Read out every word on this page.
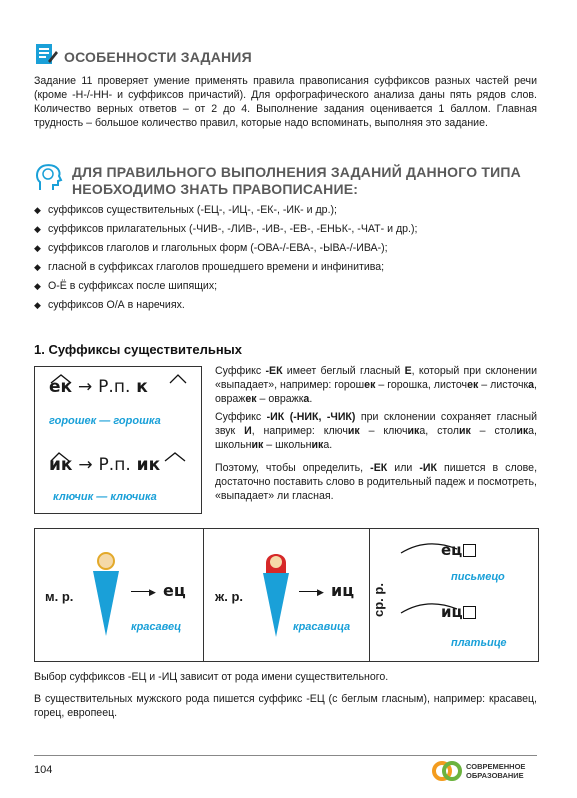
ОСОБЕННОСТИ ЗАДАНИЯ
Задание 11 проверяет умение применять правила правописания суффиксов разных частей речи (кроме -Н-/-НН- и суффиксов причастий). Для орфографического анализа даны пять рядов слов. Количество верных ответов – от 2 до 4. Выполнение задания оценивается 1 баллом. Главная трудность – большое количество правил, которые надо вспоминать, выполняя это задание.
ДЛЯ ПРАВИЛЬНОГО ВЫПОЛНЕНИЯ ЗАДАНИЙ ДАННОГО ТИПА
НЕОБХОДИМО ЗНАТЬ ПРАВОПИСАНИЕ:
◆ суффиксов существительных (-ЕЦ-, -ИЦ-, -ЕК-, -ИК- и др.);
◆ суффиксов прилагательных (-ЧИВ-, -ЛИВ-, -ИВ-, -ЕВ-, -ЕНЬК-, -ЧАТ- и др.);
◆ суффиксов глаголов и глагольных форм (-ОВА-/-ЕВА-, -ЫВА-/-ИВА-);
◆ гласной в суффиксах глаголов прошедшего времени и инфинитива;
◆ О-Ё в суффиксах после шипящих;
◆ суффиксов О/А в наречиях.
1. Суффиксы существительных
ек → Р.п. к
горошек — горошка
ик → Р.п. ик
ключик — ключика
Суффикс -ЕК имеет беглый гласный Е, который при склонении «выпадает», например: горошек – горошка, листочек – листочка, овражек – овражка.
Суффикс -ИК (-НИК, -ЧИК) при склонении сохраняет гласный звук И, например: ключик – ключика, столик – столика, школьник – школьника.
Поэтому, чтобы определить, -ЕК или -ИК пишется в слове, достаточно поставить слово в родительный падеж и посмотреть, «выпадает» ли гласная.
м. р.	▶ ец
красавец
ж. р.	▶ иц
красавица
ср. р.
ец
письмецо
иц
платьице
Выбор суффиксов -ЕЦ и -ИЦ зависит от рода имени существительного.
В существительных мужского рода пишется суффикс -ЕЦ (с беглым гласным), например: красавец, горец, европеец.
104	СОВРЕМЕННОЕ
ОБРАЗОВАНИЕ
